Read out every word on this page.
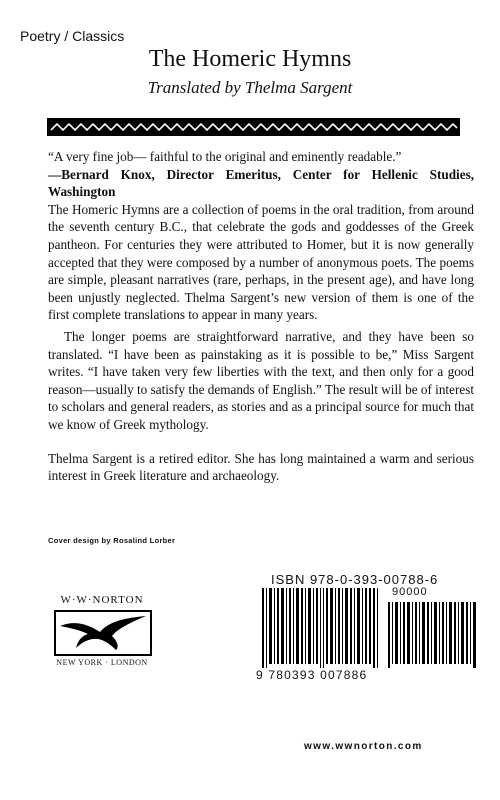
Poetry / Classics
The Homeric Hymns
Translated by Thelma Sargent

“A very fine job— faithful to the original and eminently readable.”

—Bernard Knox, Director Emeritus, Center for Hellenic Studies, Washington

The Homeric Hymns are a collection of poems in the oral tradition, from around the seventh century B.C., that celebrate the gods and goddesses of the Greek pantheon. For centuries they were attributed to Homer, but it is now generally accepted that they were composed by a number of anonymous poets. The poems are simple, pleasant narratives (rare, perhaps, in the present age), and have long been unjustly neglected. Thelma Sargent’s new version of them is one of the first complete translations to appear in many years.

The longer poems are straightforward narrative, and they have been so translated. “I have been as painstaking as it is possible to be,” Miss Sargent writes. “I have taken very few liberties with the text, and then only for a good reason—usually to satisfy the demands of English.” The result will be of interest to scholars and general readers, as stories and as a principal source for much that we know of Greek mythology.

Thelma Sargent is a retired editor. She has long maintained a warm and serious interest in Greek literature and archaeology.

Cover design by Rosalind Lorber
W·W·NORTON
NEW YORK · LONDON
ISBN 978-0-393-00788-6
90000
9 780393 007886
www.wwnorton.com
